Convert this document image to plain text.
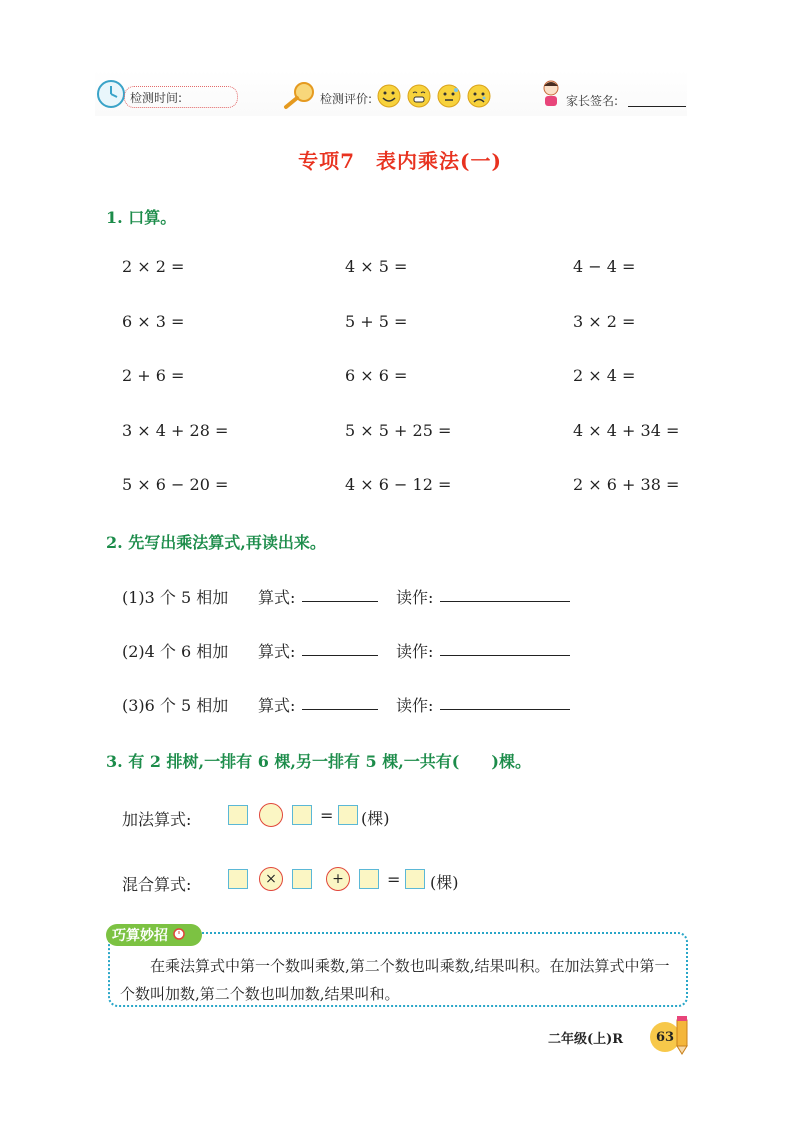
检测时间:	检测评价:	家长签名:
专项7　表内乘法(一)
1. 口算。
2 × 2 =	4 × 5 =	4 − 4 =
6 × 3 =	5 + 5 =	3 × 2 =
2 + 6 =	6 × 6 =	2 × 4 =
3 × 4 + 28 =	5 × 5 + 25 =	4 × 4 + 34 =
5 × 6 − 20 =	4 × 6 − 12 =	2 × 6 + 38 =
2. 先写出乘法算式,再读出来。
(1)3 个 5 相加 算式:	读作:
(2)4 个 6 相加 算式:	读作:
(3)6 个 5 相加 算式:	读作:
3. 有 2 排树,一排有 6 棵,另一排有 5 棵,一共有(　　)棵。
加法算式:	= (棵)
混合算式:	×	+	= (棵)
巧算妙招
在乘法算式中第一个数叫乘数,第二个数也叫乘数,结果叫积。在加法算式中第一个数叫加数,第二个数也叫加数,结果叫和。
二年级(上)R	63
